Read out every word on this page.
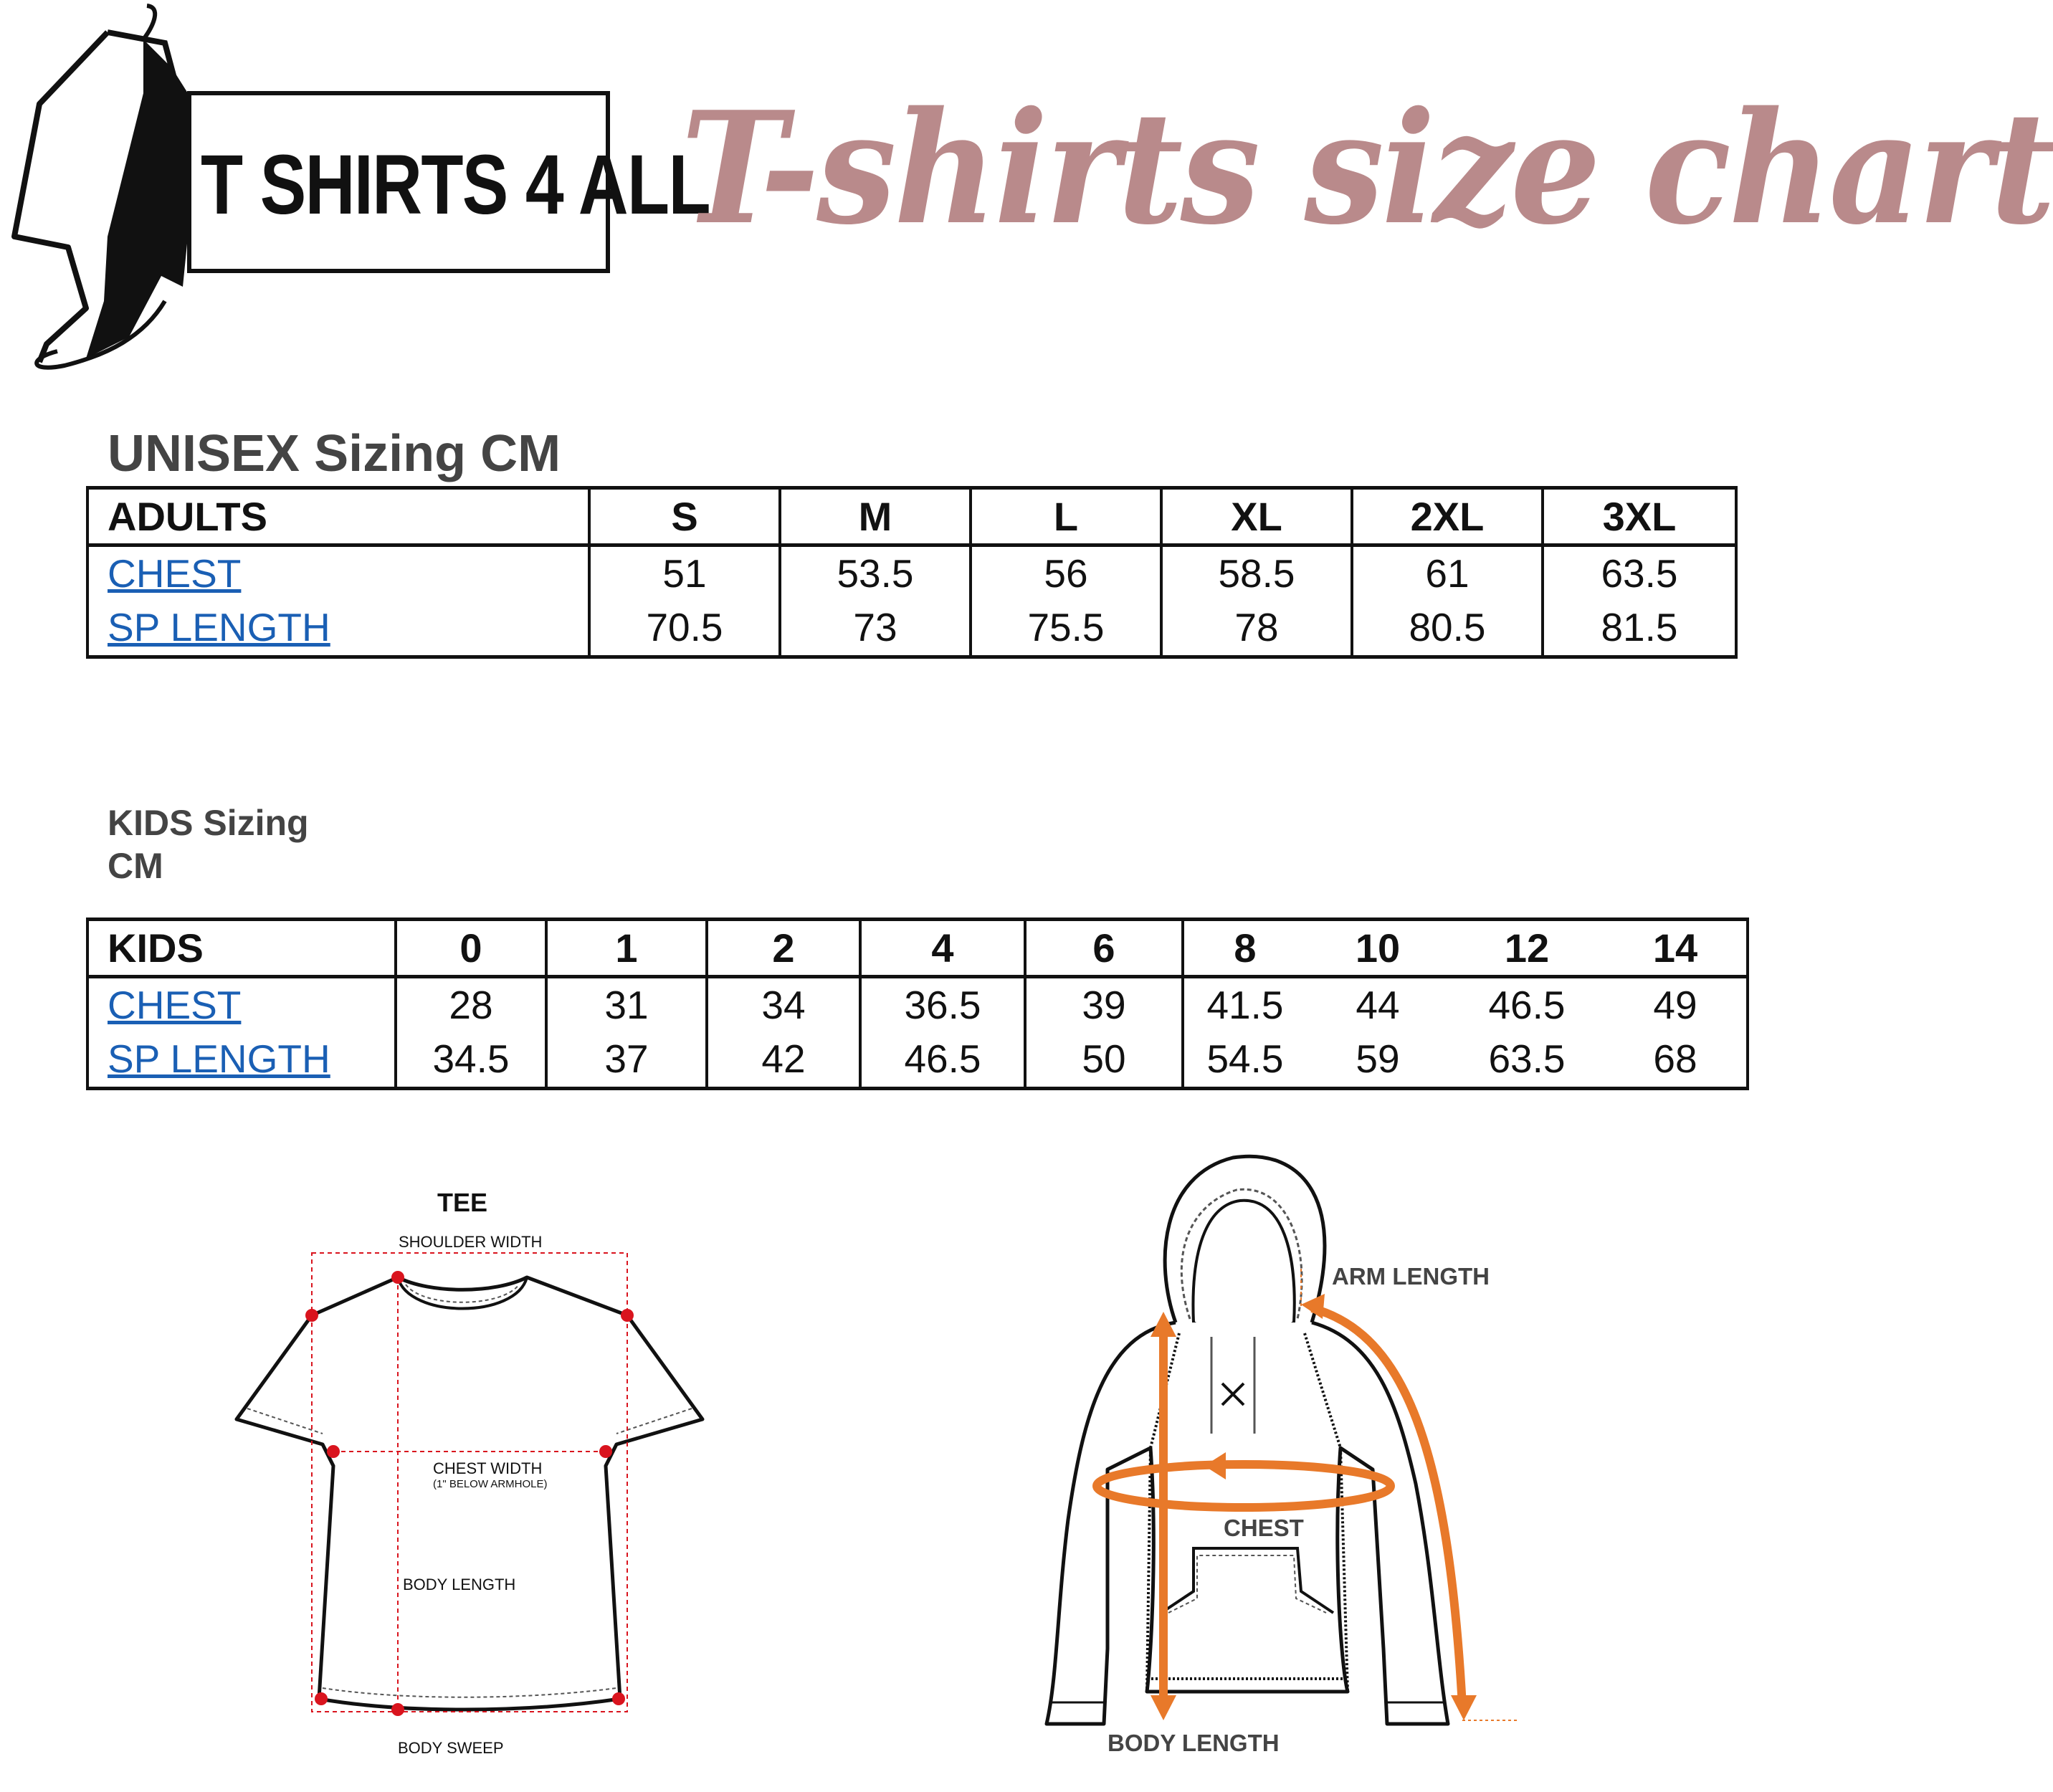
T SHIRTS 4 ALL
T-shirts size chart
UNISEX Sizing CM
ADULTS	S	M	L	XL	2XL	3XL
CHEST	51	53.5	56	58.5	61	63.5
SP LENGTH	70.5	73	75.5	78	80.5	81.5
KIDS Sizing
CM
KIDS	0	1	2	4	6	8	10	12	14
CHEST	28	31	34	36.5	39	41.5	44	46.5	49
SP LENGTH	34.5	37	42	46.5	50	54.5	59	63.5	68
TEE
SHOULDER WIDTH
CHEST WIDTH
(1" BELOW ARMHOLE)
BODY LENGTH
BODY SWEEP
ARM LENGTH
CHEST
BODY LENGTH
